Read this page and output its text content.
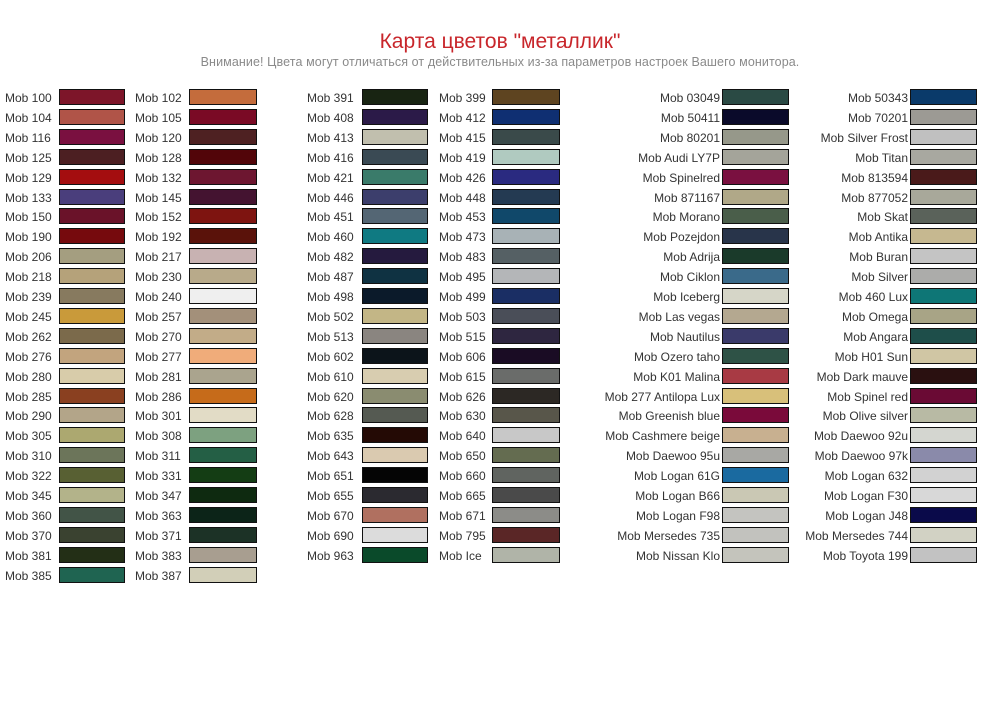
Карта цветов "металлик"
Внимание! Цвета могут отличаться от действительных из-за параметров настроек Вашего монитора.
Mob 100
Mob 104
Mob 116
Mob 125
Mob 129
Mob 133
Mob 150
Mob 190
Mob 206
Mob 218
Mob 239
Mob 245
Mob 262
Mob 276
Mob 280
Mob 285
Mob 290
Mob 305
Mob 310
Mob 322
Mob 345
Mob 360
Mob 370
Mob 381
Mob 385
Mob 102
Mob 105
Mob 120
Mob 128
Mob 132
Mob 145
Mob 152
Mob 192
Mob 217
Mob 230
Mob 240
Mob 257
Mob 270
Mob 277
Mob 281
Mob 286
Mob 301
Mob 308
Mob 311
Mob 331
Mob 347
Mob 363
Mob 371
Mob 383
Mob 387
Mob 391
Mob 408
Mob 413
Mob 416
Mob 421
Mob 446
Mob 451
Mob 460
Mob 482
Mob 487
Mob 498
Mob 502
Mob 513
Mob 602
Mob 610
Mob 620
Mob 628
Mob 635
Mob 643
Mob 651
Mob 655
Mob 670
Mob 690
Mob 963
Mob 399
Mob 412
Mob 415
Mob 419
Mob 426
Mob 448
Mob 453
Mob 473
Mob 483
Mob 495
Mob 499
Mob 503
Mob 515
Mob 606
Mob 615
Mob 626
Mob 630
Mob 640
Mob 650
Mob 660
Mob 665
Mob 671
Mob 795
Mob Ice
Mob 03049
Mob 50411
Mob 80201
Mob Audi LY7P
Mob Spinelred
Mob 871167
Mob Morano
Mob Pozejdon
Mob Adrija
Mob Ciklon
Mob Iceberg
Mob Las vegas
Mob Nautilus
Mob Ozero taho
Mob K01 Malina
Mob 277 Antilopa Lux
Mob Greenish blue
Mob Cashmere beige
Mob Daewoo 95u
Mob Logan 61G
Mob Logan B66
Mob Logan F98
Mob Mersedes 735
Mob Nissan Klo
Mob 50343
Mob 70201
Mob Silver Frost
Mob Titan
Mob 813594
Mob 877052
Mob Skat
Mob Antika
Mob Buran
Mob Silver
Mob 460 Lux
Mob Omega
Mob Angara
Mob H01 Sun
Mob Dark mauve
Mob Spinel red
Mob Olive silver
Mob Daewoo 92u
Mob Daewoo 97k
Mob Logan 632
Mob Logan F30
Mob Logan J48
Mob Mersedes 744
Mob Toyota 199
